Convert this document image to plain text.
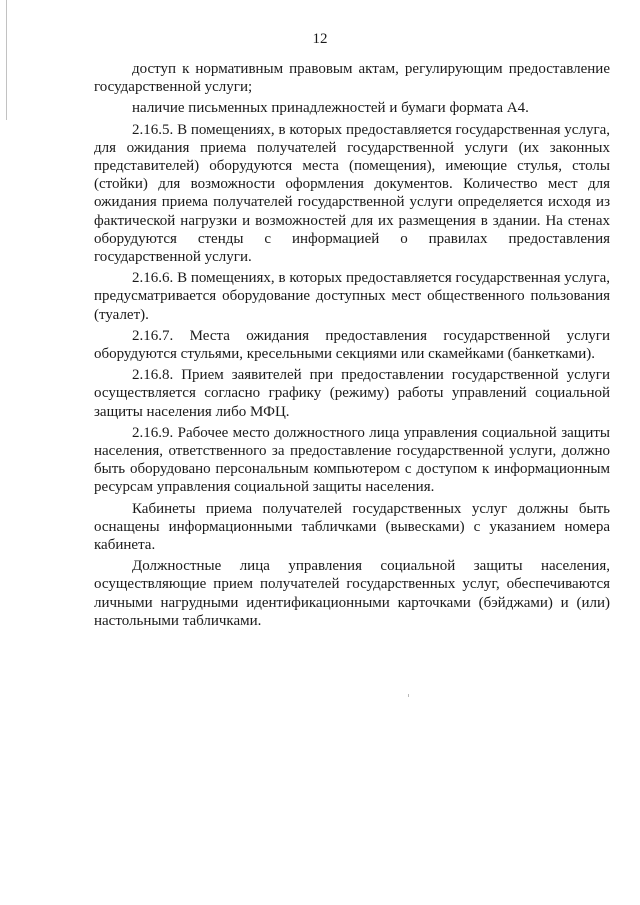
12

доступ к нормативным правовым актам, регулирующим предоставление государственной услуги;

наличие письменных принадлежностей и бумаги формата А4.

2.16.5. В помещениях, в которых предоставляется государственная услуга, для ожидания приема получателей государственной услуги (их законных представителей) оборудуются места (помещения), имеющие стулья, столы (стойки) для возможности оформления документов. Количество мест для ожидания приема получателей государственной услуги определяется исходя из фактической нагрузки и возможностей для их размещения в здании. На стенах оборудуются стенды с информацией о правилах предоставления государственной услуги.

2.16.6. В помещениях, в которых предоставляется государственная услуга, предусматривается оборудование доступных мест общественного пользования (туалет).

2.16.7. Места ожидания предоставления государственной услуги оборудуются стульями, кресельными секциями или скамейками (банкетками).

2.16.8. Прием заявителей при предоставлении государственной услуги осуществляется согласно графику (режиму) работы управлений социальной защиты населения либо МФЦ.

2.16.9. Рабочее место должностного лица управления социальной защиты населения, ответственного за предоставление государственной услуги, должно быть оборудовано персональным компьютером с доступом к информационным ресурсам управления социальной защиты населения.

Кабинеты приема получателей государственных услуг должны быть оснащены информационными табличками (вывесками) с указанием номера кабинета.

Должностные лица управления социальной защиты населения, осуществляющие прием получателей государственных услуг, обеспечиваются личными нагрудными идентификационными карточками (бэйджами) и (или) настольными табличками.
